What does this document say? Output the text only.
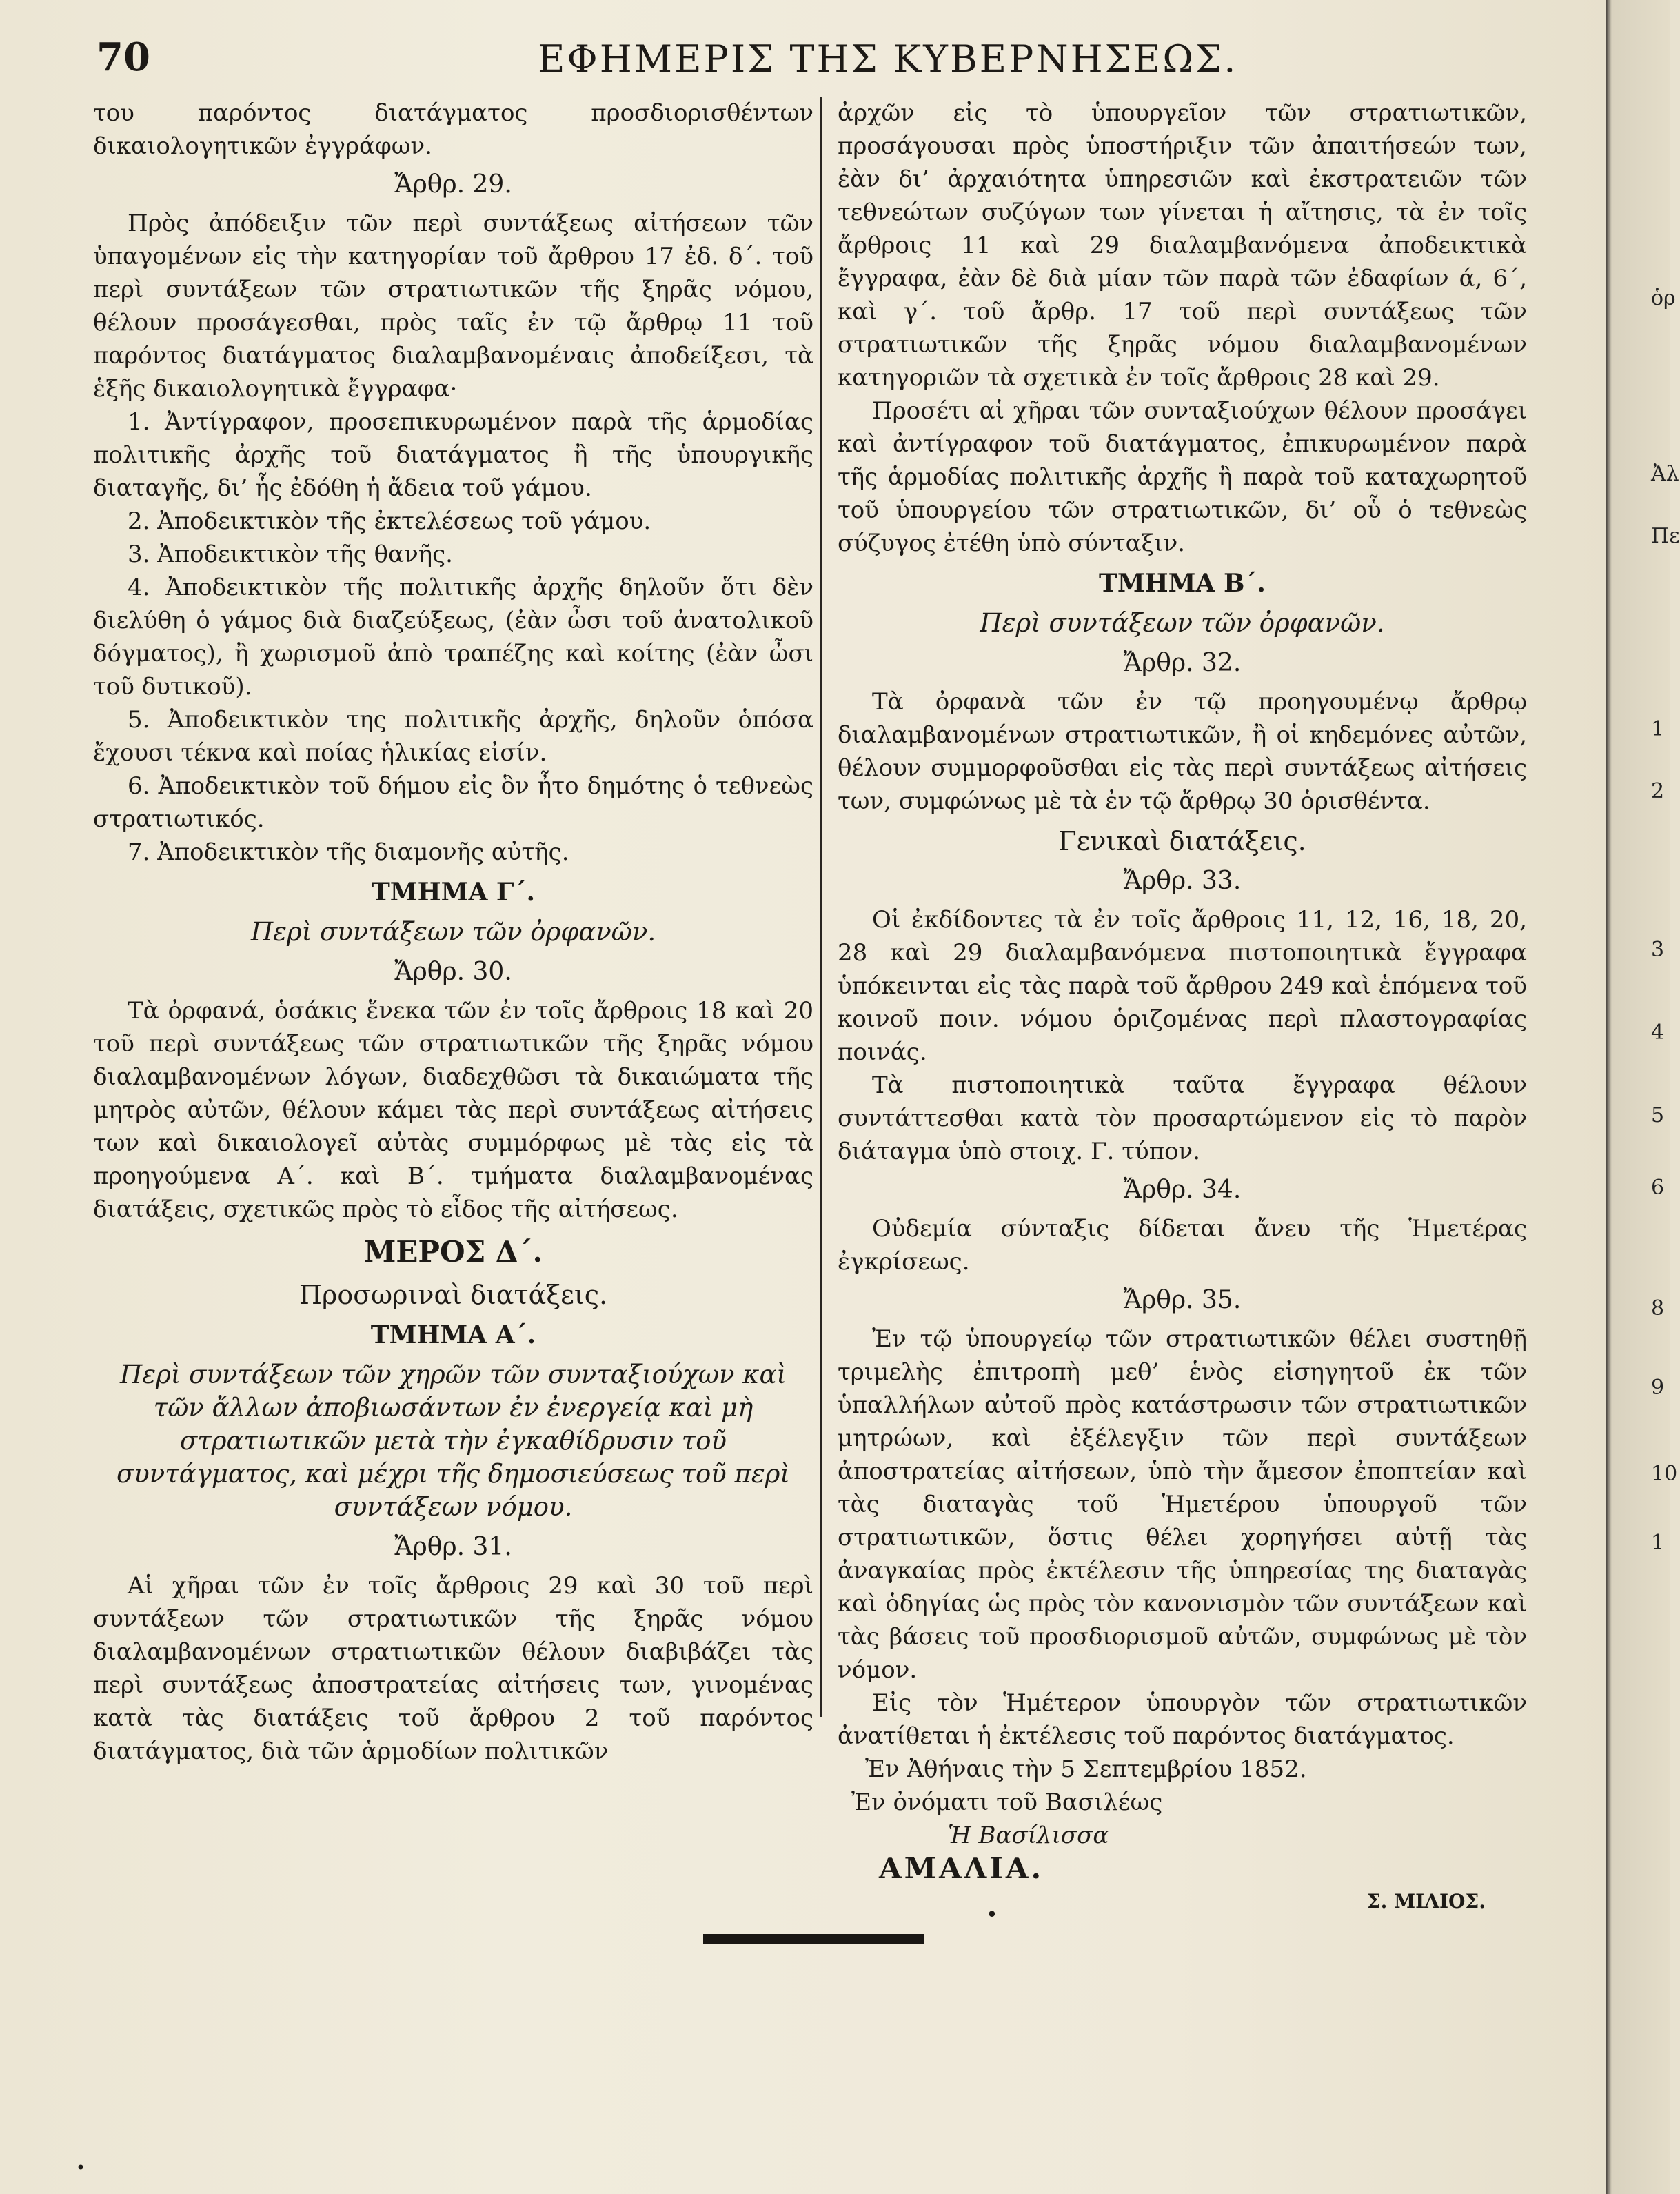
70	ΕΦΗΜΕΡΙΣ ΤΗΣ ΚΥΒΕΡΝΗΣΕΩΣ.

του παρόντος διατάγματος προσδιορισθέντων δικαιολογητικῶν ἐγγράφων.

Ἄρθρ. 29.

Πρὸς ἀπόδειξιν τῶν περὶ συντάξεως αἰτήσεων τῶν ὑπαγομένων εἰς τὴν κατηγορίαν τοῦ ἄρθρου 17 ἐδ. δ΄. τοῦ περὶ συντάξεων τῶν στρατιωτικῶν τῆς ξηρᾶς νόμου, θέλουν προσάγεσθαι, πρὸς ταῖς ἐν τῷ ἄρθρῳ 11 τοῦ παρόντος διατάγματος διαλαμβανομέναις ἀποδείξεσι, τὰ ἑξῆς δικαιολογητικὰ ἔγγραφα·

1. Ἀντίγραφον, προσεπικυρωμένον παρὰ τῆς ἁρμοδίας πολιτικῆς ἀρχῆς τοῦ διατάγματος ἢ τῆς ὑπουργικῆς διαταγῆς, δι’ ἧς ἐδόθη ἡ ἄδεια τοῦ γάμου.

2. Ἀποδεικτικὸν τῆς ἐκτελέσεως τοῦ γάμου.

3. Ἀποδεικτικὸν τῆς θανῆς.

4. Ἀποδεικτικὸν τῆς πολιτικῆς ἀρχῆς δηλοῦν ὅτι δὲν διελύθη ὁ γάμος διὰ διαζεύξεως, (ἐὰν ὦσι τοῦ ἀνατολικοῦ δόγματος), ἢ χωρισμοῦ ἀπὸ τραπέζης καὶ κοίτης (ἐὰν ὦσι τοῦ δυτικοῦ).

5. Ἀποδεικτικὸν της πολιτικῆς ἀρχῆς, δηλοῦν ὁπόσα ἔχουσι τέκνα καὶ ποίας ἡλικίας εἰσίν.

6. Ἀποδεικτικὸν τοῦ δήμου εἰς ὃν ἦτο δημότης ὁ τεθνεὼς στρατιωτικός.

7. Ἀποδεικτικὸν τῆς διαμονῆς αὐτῆς.

ΤΜΗΜΑ Γ΄.

Περὶ συντάξεων τῶν ὀρφανῶν.

Ἄρθρ. 30.

Τὰ ὀρφανά, ὁσάκις ἕνεκα τῶν ἐν τοῖς ἄρθροις 18 καὶ 20 τοῦ περὶ συντάξεως τῶν στρατιωτικῶν τῆς ξηρᾶς νόμου διαλαμβανομένων λόγων, διαδεχθῶσι τὰ δικαιώματα τῆς μητρὸς αὐτῶν, θέλουν κάμει τὰς περὶ συντάξεως αἰτήσεις των καὶ δικαιολογεῖ αὐτὰς συμμόρφως μὲ τὰς εἰς τὰ προηγούμενα Α΄. καὶ Β΄. τμήματα διαλαμβανομένας διατάξεις, σχετικῶς πρὸς τὸ εἶδος τῆς αἰτήσεως.

ΜΕΡΟΣ Δ΄.

Προσωριναὶ διατάξεις.

ΤΜΗΜΑ Α΄.

Περὶ συντάξεων τῶν χηρῶν τῶν συνταξιούχων καὶ τῶν ἄλλων ἀποβιωσάντων ἐν ἐνεργείᾳ καὶ μὴ στρατιωτικῶν μετὰ τὴν ἐγκαθίδρυσιν τοῦ συντάγματος, καὶ μέχρι τῆς δημοσιεύσεως τοῦ περὶ συντάξεων νόμου.

Ἄρθρ. 31.

Αἱ χῆραι τῶν ἐν τοῖς ἄρθροις 29 καὶ 30 τοῦ περὶ συντάξεων τῶν στρατιωτικῶν τῆς ξηρᾶς νόμου διαλαμβανομένων στρατιωτικῶν θέλουν διαβιβάζει τὰς περὶ συντάξεως ἀποστρατείας αἰτήσεις των, γινομένας κατὰ τὰς διατάξεις τοῦ ἄρθρου 2 τοῦ παρόντος διατάγματος, διὰ τῶν ἁρμοδίων πολιτικῶν

ἀρχῶν εἰς τὸ ὑπουργεῖον τῶν στρατιωτικῶν, προσάγουσαι πρὸς ὑποστήριξιν τῶν ἀπαιτήσεών των, ἐὰν δι’ ἀρχαιότητα ὑπηρεσιῶν καὶ ἐκστρατειῶν τῶν τεθνεώτων συζύγων των γίνεται ἡ αἴτησις, τὰ ἐν τοῖς ἄρθροις 11 καὶ 29 διαλαμβανόμενα ἀποδεικτικὰ ἔγγραφα, ἐὰν δὲ διὰ μίαν τῶν παρὰ τῶν ἐδαφίων ά, 6΄, καὶ γ΄. τοῦ ἄρθρ. 17 τοῦ περὶ συντάξεως τῶν στρατιωτικῶν τῆς ξηρᾶς νόμου διαλαμβανομένων κατηγοριῶν τὰ σχετικὰ ἐν τοῖς ἄρθροις 28 καὶ 29.

Προσέτι αἱ χῆραι τῶν συνταξιούχων θέλουν προσάγει καὶ ἀντίγραφον τοῦ διατάγματος, ἐπικυρωμένον παρὰ τῆς ἁρμοδίας πολιτικῆς ἀρχῆς ἢ παρὰ τοῦ καταχωρητοῦ τοῦ ὑπουργείου τῶν στρατιωτικῶν, δι’ οὗ ὁ τεθνεὼς σύζυγος ἐτέθη ὑπὸ σύνταξιν.

ΤΜΗΜΑ Β΄.

Περὶ συντάξεων τῶν ὀρφανῶν.

Ἄρθρ. 32.

Τὰ ὀρφανὰ τῶν ἐν τῷ προηγουμένῳ ἄρθρῳ διαλαμβανομένων στρατιωτικῶν, ἢ οἱ κηδεμόνες αὐτῶν, θέλουν συμμορφοῦσθαι εἰς τὰς περὶ συντάξεως αἰτήσεις των, συμφώνως μὲ τὰ ἐν τῷ ἄρθρῳ 30 ὁρισθέντα.

Γενικαὶ διατάξεις.

Ἄρθρ. 33.

Οἱ ἐκδίδοντες τὰ ἐν τοῖς ἄρθροις 11, 12, 16, 18, 20, 28 καὶ 29 διαλαμβανόμενα πιστοποιητικὰ ἔγγραφα ὑπόκεινται εἰς τὰς παρὰ τοῦ ἄρθρου 249 καὶ ἑπόμενα τοῦ κοινοῦ ποιν. νόμου ὁριζομένας περὶ πλαστογραφίας ποινάς.

Τὰ πιστοποιητικὰ ταῦτα ἔγγραφα θέλουν συντάττεσθαι κατὰ τὸν προσαρτώμενον εἰς τὸ παρὸν διάταγμα ὑπὸ στοιχ. Γ. τύπον.

Ἄρθρ. 34.

Οὐδεμία σύνταξις δίδεται ἄνευ τῆς Ἡμετέρας ἐγκρίσεως.

Ἄρθρ. 35.

Ἐν τῷ ὑπουργείῳ τῶν στρατιωτικῶν θέλει συστηθῇ τριμελὴς ἐπιτροπὴ μεθ’ ἑνὸς εἰσηγητοῦ ἐκ τῶν ὑπαλλήλων αὐτοῦ πρὸς κατάστρωσιν τῶν στρατιωτικῶν μητρώων, καὶ ἐξέλεγξιν τῶν περὶ συντάξεων ἀποστρατείας αἰτήσεων, ὑπὸ τὴν ἄμεσον ἐποπτείαν καὶ τὰς διαταγὰς τοῦ Ἡμετέρου ὑπουργοῦ τῶν στρατιωτικῶν, ὅστις θέλει χορηγήσει αὐτῇ τὰς ἀναγκαίας πρὸς ἐκτέλεσιν τῆς ὑπηρεσίας της διαταγὰς καὶ ὁδηγίας ὡς πρὸς τὸν κανονισμὸν τῶν συντάξεων καὶ τὰς βάσεις τοῦ προσδιορισμοῦ αὐτῶν, συμφώνως μὲ τὸν νόμον.

Εἰς τὸν Ἡμέτερον ὑπουργὸν τῶν στρατιωτικῶν ἀνατίθεται ἡ ἐκτέλεσις τοῦ παρόντος διατάγματος.

Ἐν Ἀθήναις τὴν 5 Σεπτεμβρίου 1852.

Ἐν ὀνόματι τοῦ Βασιλέως

Ἡ Βασίλισσα

ΑΜΑΛΙΑ.

Σ. ΜΙΛΙΟΣ.

•
•
ὁρ
Ἀλ
Πε
1
2
3
4
5
6
8
9
10
1
